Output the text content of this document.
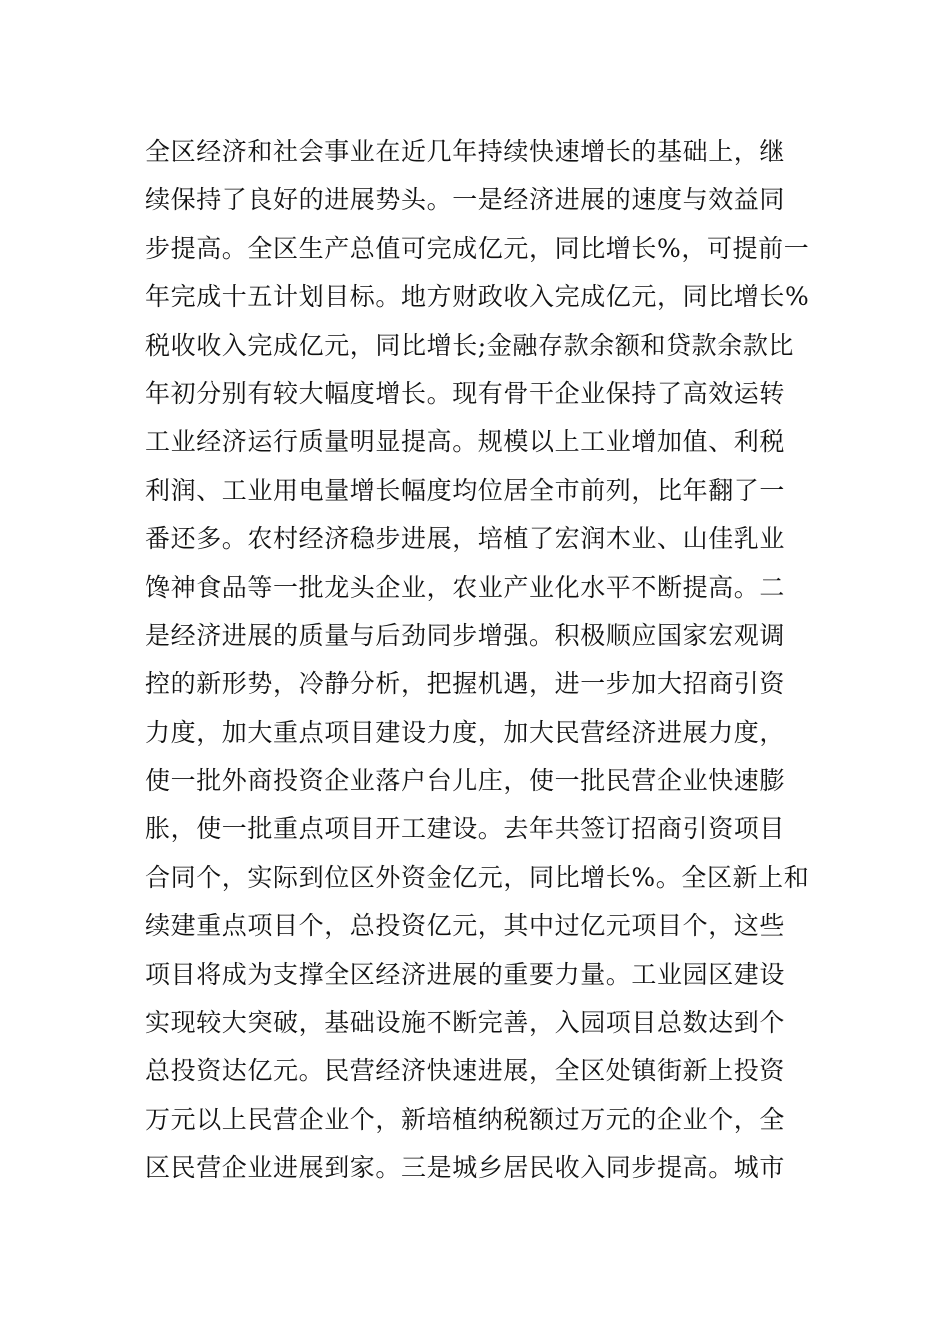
全区经济和社会事业在近几年持续快速增长的基础上，继
续保持了良好的进展势头。一是经济进展的速度与效益同
步提高。全区生产总值可完成亿元，同比增长%，可提前一
年完成十五计划目标。地方财政收入完成亿元，同比增长%
税收收入完成亿元，同比增长;金融存款余额和贷款余款比
年初分别有较大幅度增长。现有骨干企业保持了高效运转
工业经济运行质量明显提高。规模以上工业增加值、利税
利润、工业用电量增长幅度均位居全市前列，比年翻了一
番还多。农村经济稳步进展，培植了宏润木业、山佳乳业
馋神食品等一批龙头企业，农业产业化水平不断提高。二
是经济进展的质量与后劲同步增强。积极顺应国家宏观调
控的新形势，冷静分析，把握机遇，进一步加大招商引资
力度，加大重点项目建设力度，加大民营经济进展力度，
使一批外商投资企业落户台儿庄，使一批民营企业快速膨
胀，使一批重点项目开工建设。去年共签订招商引资项目
合同个，实际到位区外资金亿元，同比增长%。全区新上和
续建重点项目个，总投资亿元，其中过亿元项目个，这些
项目将成为支撑全区经济进展的重要力量。工业园区建设
实现较大突破，基础设施不断完善，入园项目总数达到个
总投资达亿元。民营经济快速进展，全区处镇街新上投资
万元以上民营企业个，新培植纳税额过万元的企业个，全
区民营企业进展到家。三是城乡居民收入同步提高。城市
